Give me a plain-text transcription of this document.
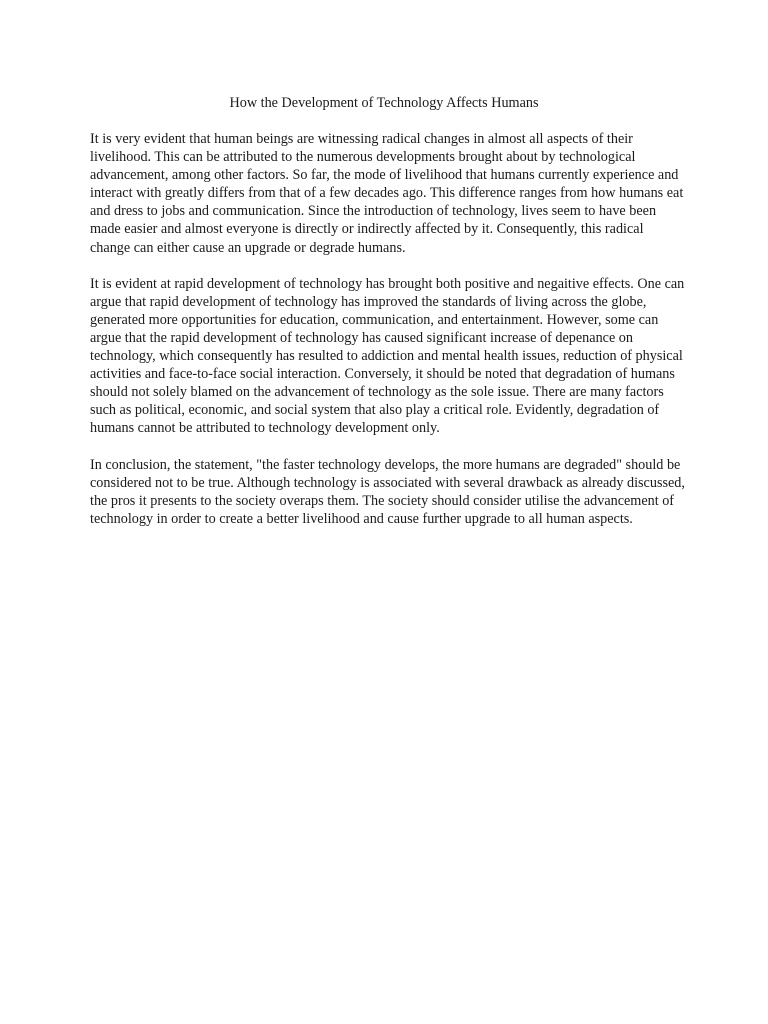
How the Development of Technology Affects Humans

It is very evident that human beings are witnessing radical changes in almost all aspects of their livelihood. This can be attributed to the numerous developments brought about by technological advancement, among other factors. So far, the mode of livelihood that humans currently experience and interact with greatly differs from that of a few decades ago. This difference ranges from how humans eat and dress to jobs and communication. Since the introduction of technology, lives seem to have been made easier and almost everyone is directly or indirectly affected by it. Consequently, this radical change can either cause an upgrade or degrade humans.

It is evident at rapid development of technology has brought both positive and negaitive effects. One can argue that rapid development of technology has improved the standards of living across the globe, generated more opportunities for education, communication, and entertainment. However, some can argue that the rapid development of technology has caused significant increase of depenance on technology, which consequently has resulted to addiction and mental health issues, reduction of physical activities and face-to-face social interaction. Conversely, it should be noted that degradation of humans should not solely blamed on the advancement of technology as the sole issue. There are many factors such as political, economic, and social system that also play a critical role. Evidently, degradation of humans cannot be attributed to technology development only.

In conclusion, the statement, "the faster technology develops, the more humans are degraded" should be considered not to be true. Although technology is associated with several drawback as already discussed, the pros it presents to the society overaps them. The society should consider utilise the advancement of technology in order to create a better livelihood and cause further upgrade to all human aspects.
